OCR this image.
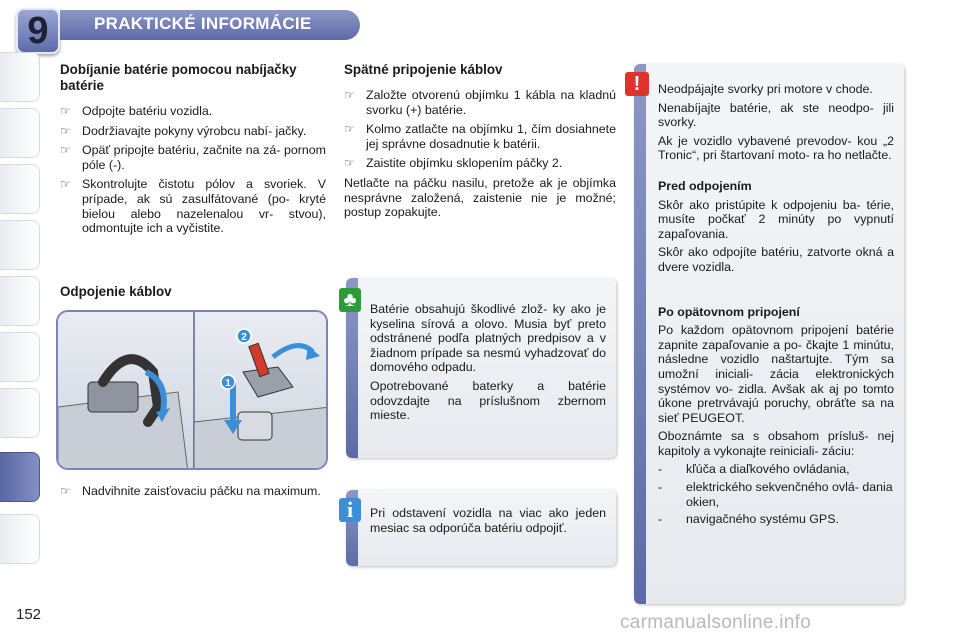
9	PRAKTICKÉ INFORMÁCIE
Dobíjanie batérie pomocou nabíjačky batérie
☞ Odpojte batériu vozidla.
☞ Dodržiavajte pokyny výrobcu nabí- jačky.
☞ Opäť pripojte batériu, začnite na zá- pornom póle (-).
☞ Skontrolujte čistotu pólov a svoriek. V prípade, ak sú zasulfátované (po- kryté bielou alebo nazelenalou vr- stvou), odmontujte ich a vyčistite.
Odpojenie káblov
1
2
☞ Nadvihnite zaisťovaciu páčku na maximum.
Spätné pripojenie káblov
☞ Založte otvorenú objímku 1 kábla na kladnú svorku (+) batérie.
☞ Kolmo zatlačte na objímku 1, čím dosiahnete jej správne dosadnutie k batérii.
☞ Zaistite objímku sklopením páčky 2.

Netlačte na páčku nasilu, pretože ak je objímka nesprávne založená, zaistenie nie je možné; postup zopakujte.

Batérie obsahujú škodlivé zlož- ky ako je kyselina sírová a olovo. Musia byť preto odstránené podľa platných predpisov a v žiadnom prípade sa nesmú vyhadzovať do domového odpadu.

Opotrebované baterky a batérie odovzdajte na príslušnom zbernom mieste.

♣

Pri odstavení vozidla na viac ako jeden mesiac sa odporúča batériu odpojiť.

i

Neodpájajte svorky pri motore v chode.

Nenabíjajte batérie, ak ste neodpo- jili svorky.

Ak je vozidlo vybavené prevodov- kou „2 Tronic“, pri štartovaní moto- ra ho netlačte.

Pred odpojením

Skôr ako pristúpite k odpojeniu ba- térie, musíte počkať 2 minúty po vypnutí zapaľovania.

Skôr ako odpojíte batériu, zatvorte okná a dvere vozidla.

Po opätovnom pripojení

Po každom opätovnom pripojení batérie zapnite zapaľovanie a po- čkajte 1 minútu, následne vozidlo naštartujte. Tým sa umožní iniciali- zácia elektronických systémov vo- zidla. Avšak ak aj po tomto úkone pretrvávajú poruchy, obráťte sa na sieť PEUGEOT.

Oboznámte sa s obsahom prísluš- nej kapitoly a vykonajte reiniciali- záciu:

- kľúča a diaľkového ovládania,
- elektrického sekvenčného ovlá- dania okien,
- navigačného systému GPS.
!
152	carmanualsonline.info
